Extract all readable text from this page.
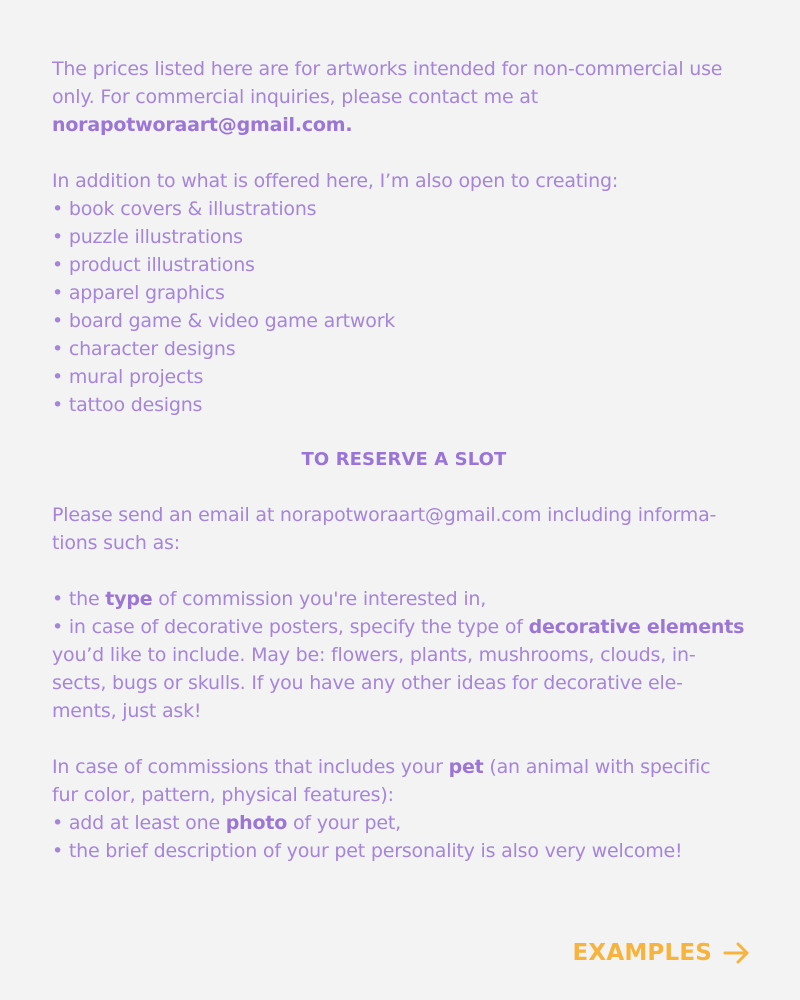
The prices listed here are for artworks intended for non-commercial use
only. For commercial inquiries, please contact me at
norapotworaart@gmail.com.
In addition to what is offered here, I’m also open to creating:
• book covers & illustrations
• puzzle illustrations
• product illustrations
• apparel graphics
• board game & video game artwork
• character designs
• mural projects
• tattoo designs
TO RESERVE A SLOT
Please send an email at norapotworaart@gmail.com including informa-
tions such as:
• the type of commission you're interested in,
• in case of decorative posters, specify the type of decorative elements
you’d like to include. May be: flowers, plants, mushrooms, clouds, in-
sects, bugs or skulls. If you have any other ideas for decorative ele-
ments, just ask!
In case of commissions that includes your pet (an animal with specific
fur color, pattern, physical features):
• add at least one photo of your pet,
• the brief description of your pet personality is also very welcome!
EXAMPLES
